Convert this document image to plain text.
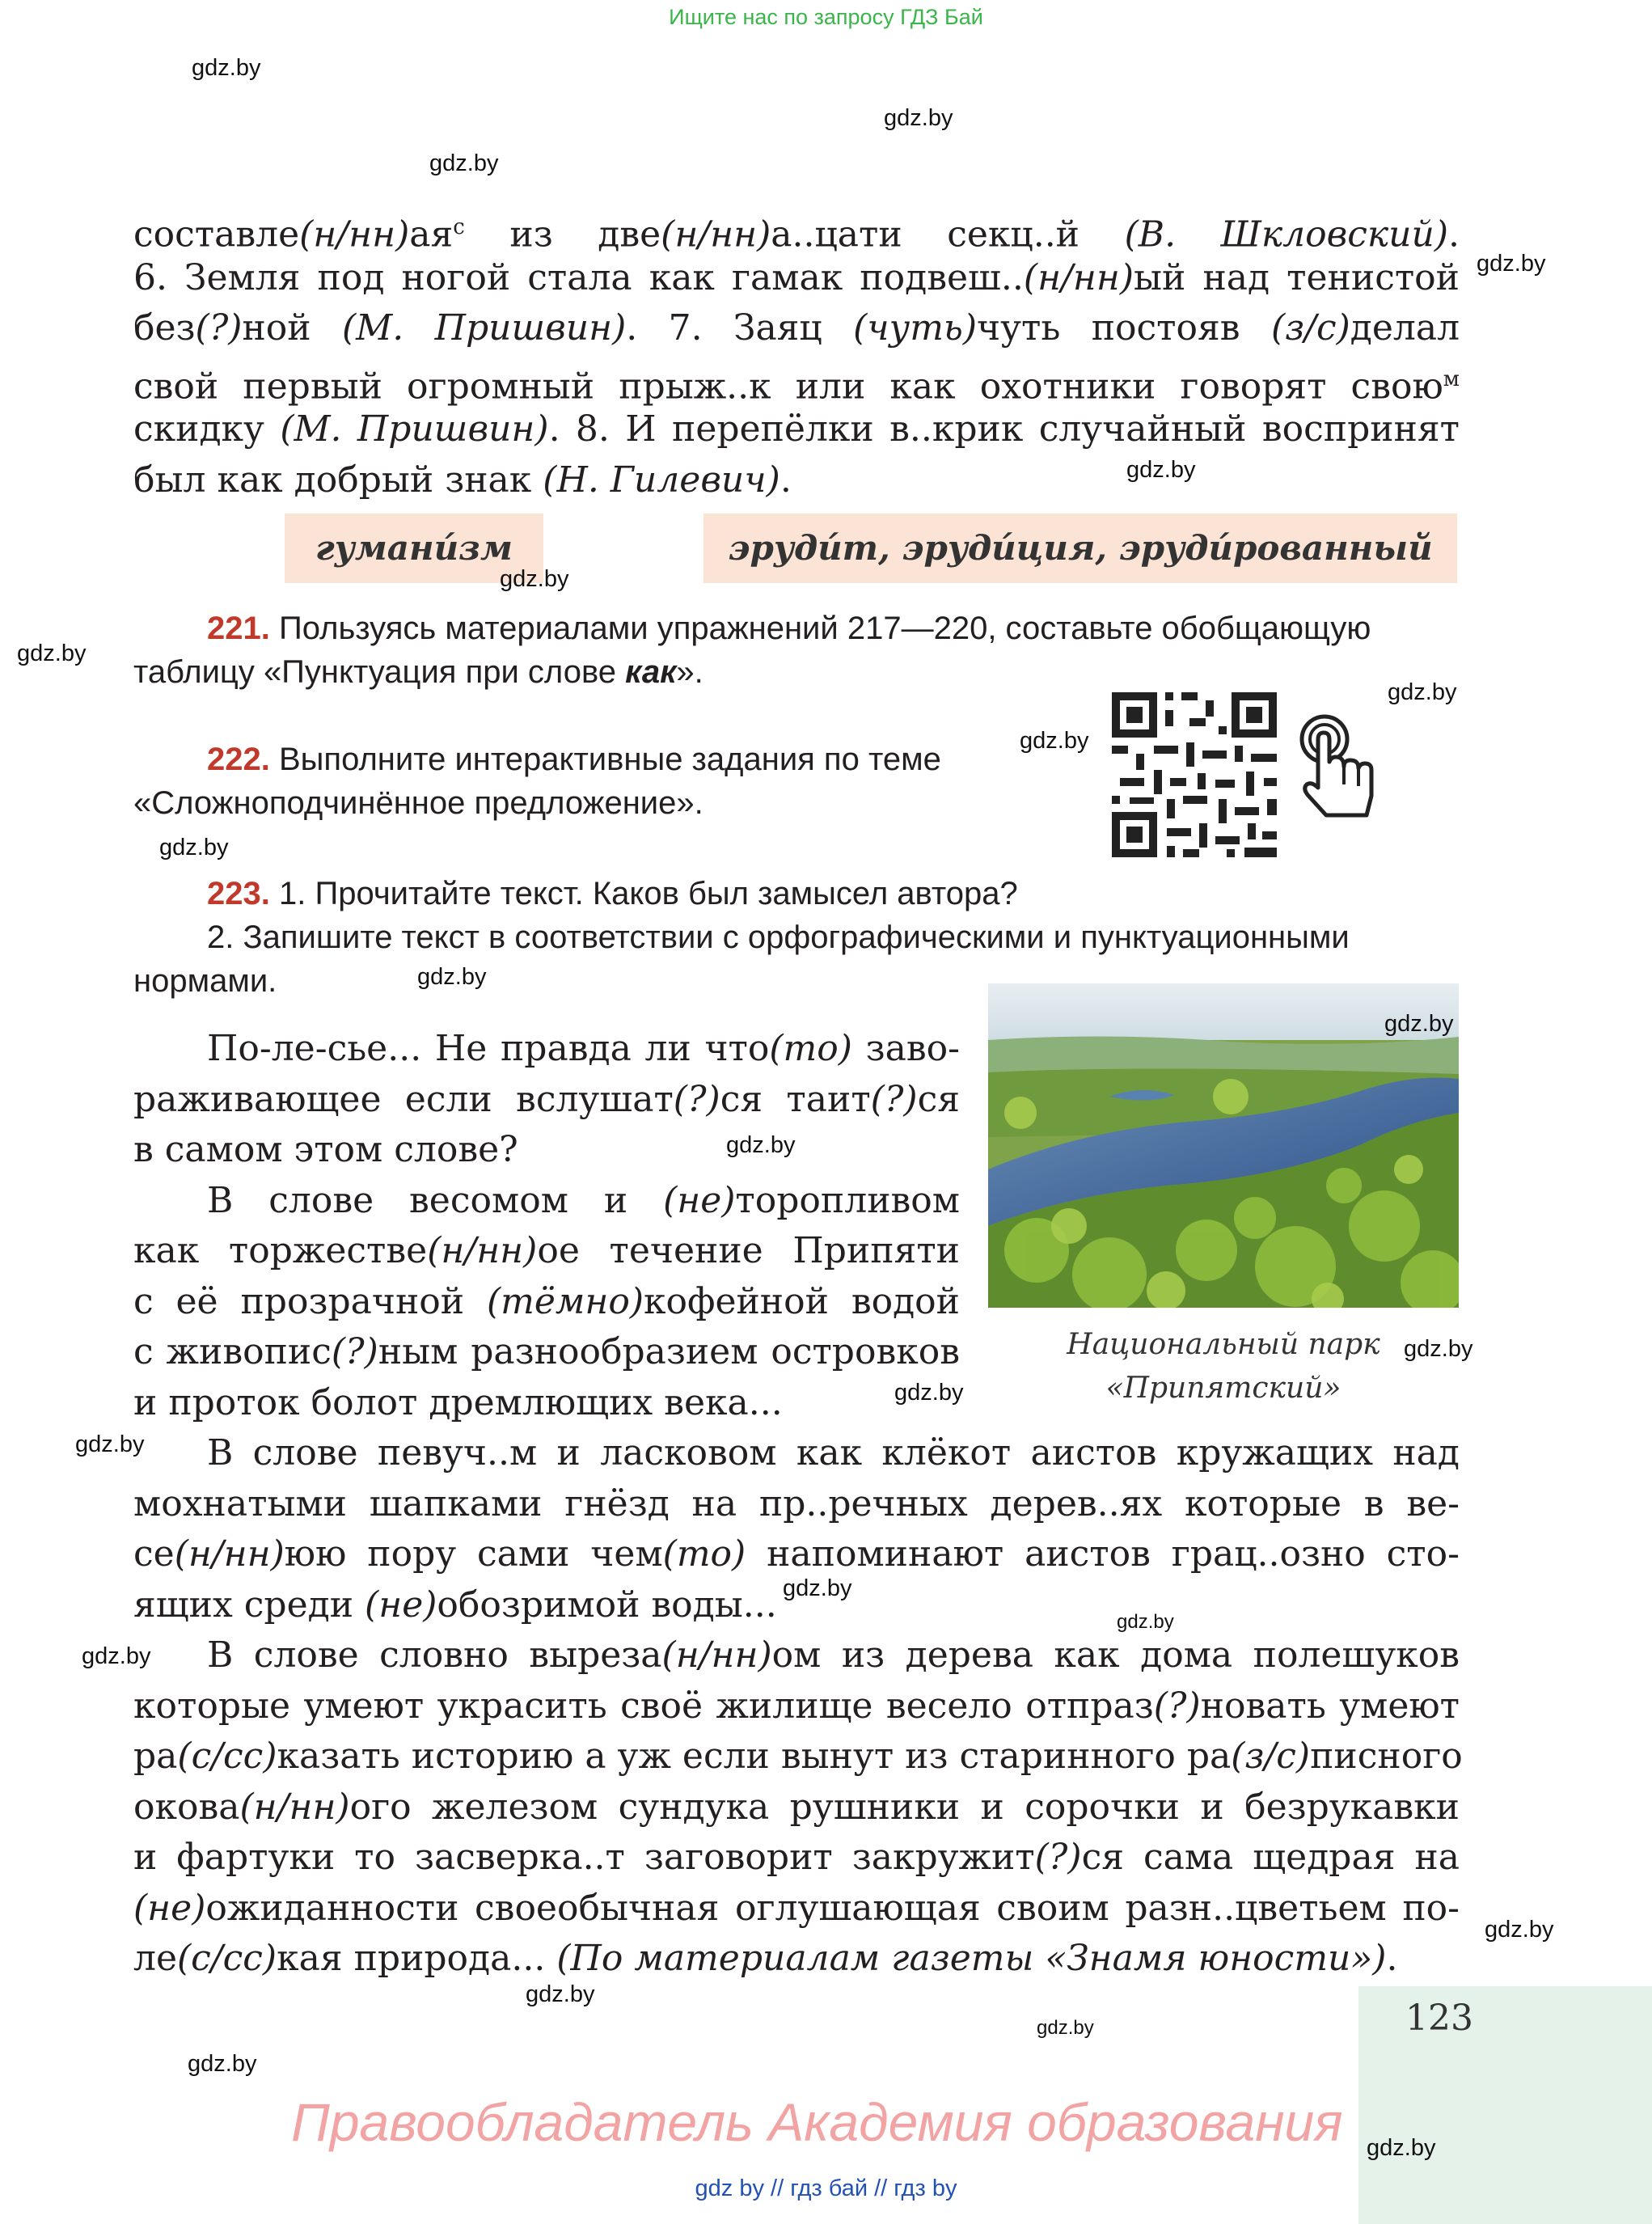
Ищите нас по запросу ГДЗ Бай
$составле(н/нн)ая^с$ из две(н/нн)а..цати секц..й (В. Шкловский).
6. Земля под ногой стала как гамак подвеш..(н/нн)ый над тенистой
без(?)ной (М. Пришвин). 7. Заяц (чуть)чуть постояв (з/с)делал
свой первый огромный прыж..к или как охотники говорят свою$^м$
скидку (М. Пришвин). 8. И перепёлки в..крик случайный воспринят
был как добрый знак (Н. Гилевич).
гумани́зм	эруди́т, эруди́ция, эруди́рованный
221. Пользуясь материалами упражнений 217—220, составьте обобщающую
таблицу «Пунктуация при слове как».
222. Выполните интерактивные задания по теме
«Сложноподчинённое предложение».
223. 1. Прочитайте текст. Каков был замысел автора?
2. Запишите текст в соответствии с орфографическими и пунктуационными
нормами.
Национальный парк
«Припятский»
По-ле-сье... Не правда ли что(то) заво-
раживающее если вслушат(?)ся таит(?)ся
в самом этом слове?
В слове весомом и (не)торопливом
как торжестве(н/нн)ое течение Припяти
с её прозрачной (тёмно)кофейной водой
с живопис(?)ным разнообразием островков
и проток болот дремлющих века...
В слове певуч..м и ласковом как клёкот аистов кружащих над
мохнатыми шапками гнёзд на пр..речных дерев..ях которые в ве-
се(н/нн)юю пору сами чем(то) напоминают аистов грац..озно сто-
ящих среди (не)обозримой воды...
В слове словно выреза(н/нн)ом из дерева как дома полешуков
которые умеют украсить своё жилище весело отпраз(?)новать умеют
ра(с/сс)казать историю а уж если вынут из старинного ра(з/с)писного
окова(н/нн)ого железом сундука рушники и сорочки и безрукавки
и фартуки то засверка..т заговорит закружит(?)ся сама щедрая на
(не)ожиданности своеобычная оглушающая своим разн..цветьем по-
ле(с/сс)кая природа... (По материалам газеты «Знамя юности»).
123
Правообладатель Академия образования
gdz by // гдз бай // гдз by
gdz.by
gdz.by
gdz.by
gdz.by
gdz.by
gdz.by
gdz.by
gdz.by
gdz.by
gdz.by
gdz.by
gdz.by
gdz.by
gdz.by
gdz.by
gdz.by
gdz.by
gdz.by
gdz.by
gdz.by
gdz.by
gdz.by
gdz.by
gdz.by
